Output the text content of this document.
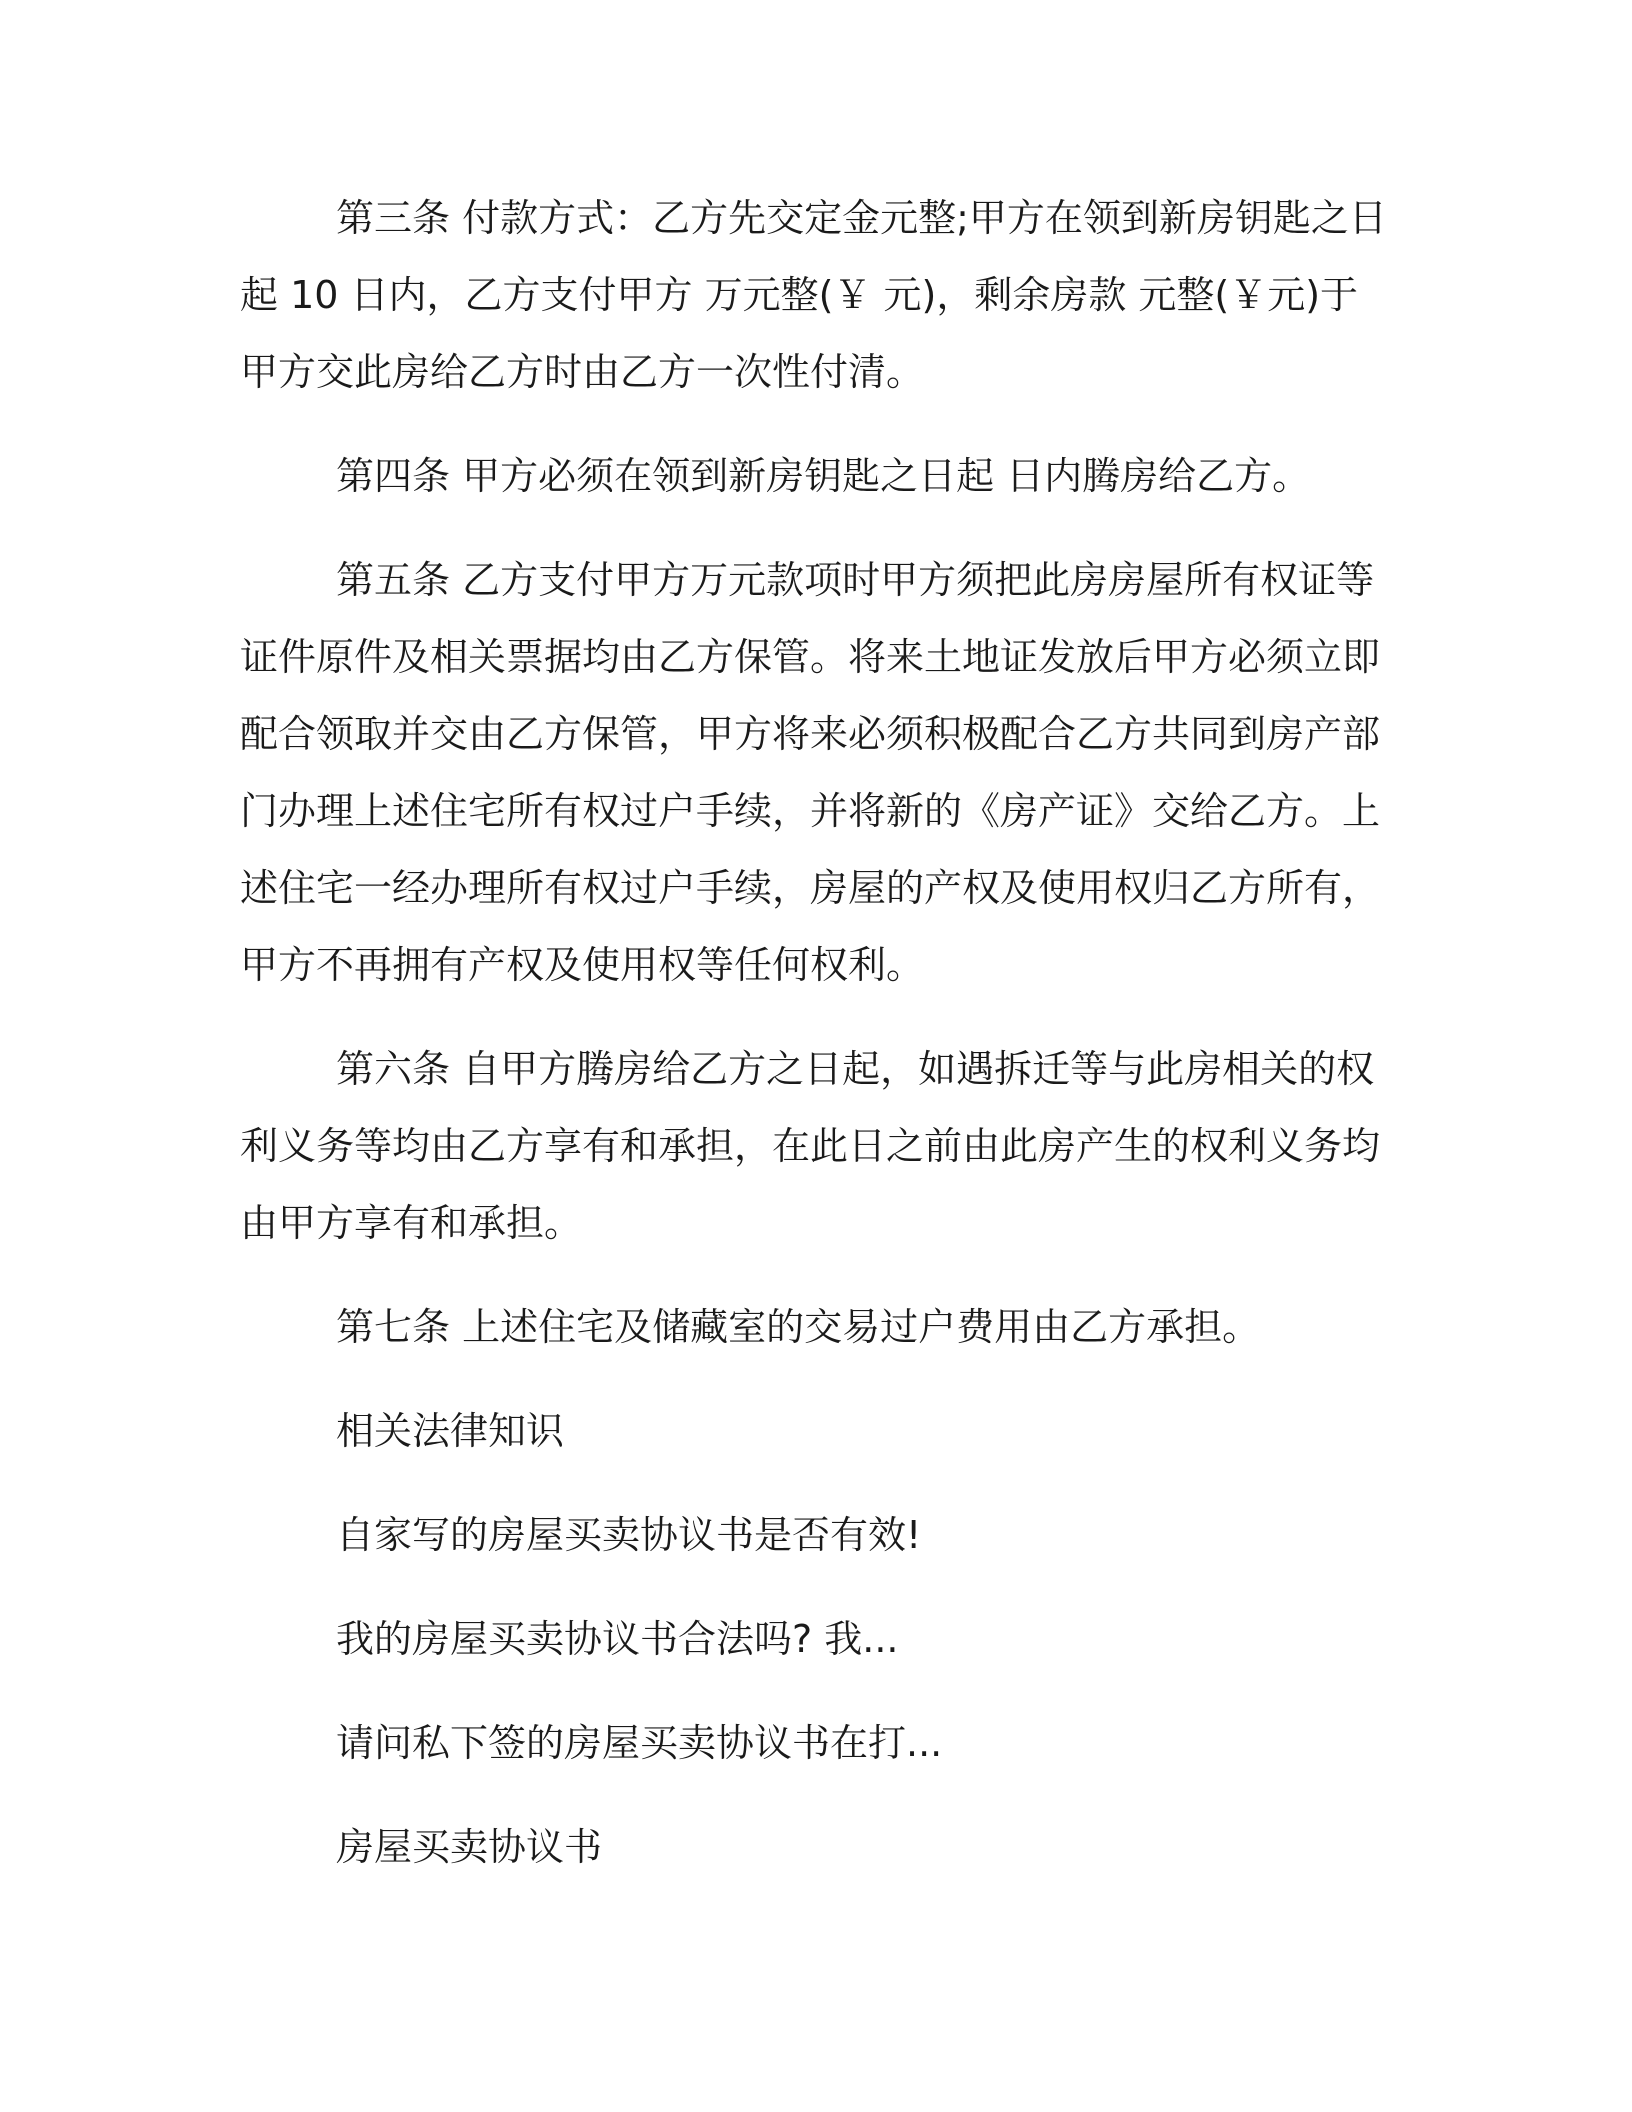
第三条 付款方式：乙方先交定金元整;甲方在领到新房钥匙之日起 10 日内，乙方支付甲方 万元整(￥ 元)，剩余房款 元整(￥元)于甲方交此房给乙方时由乙方一次性付清。

第四条 甲方必须在领到新房钥匙之日起 日内腾房给乙方。

第五条 乙方支付甲方万元款项时甲方须把此房房屋所有权证等证件原件及相关票据均由乙方保管。将来土地证发放后甲方必须立即配合领取并交由乙方保管，甲方将来必须积极配合乙方共同到房产部门办理上述住宅所有权过户手续，并将新的《房产证》交给乙方。上述住宅一经办理所有权过户手续，房屋的产权及使用权归乙方所有，甲方不再拥有产权及使用权等任何权利。

第六条 自甲方腾房给乙方之日起，如遇拆迁等与此房相关的权利义务等均由乙方享有和承担，在此日之前由此房产生的权利义务均由甲方享有和承担。

第七条 上述住宅及储藏室的交易过户费用由乙方承担。

相关法律知识

自家写的房屋买卖协议书是否有效!

我的房屋买卖协议书合法吗? 我...

请问私下签的房屋买卖协议书在打...

房屋买卖协议书
